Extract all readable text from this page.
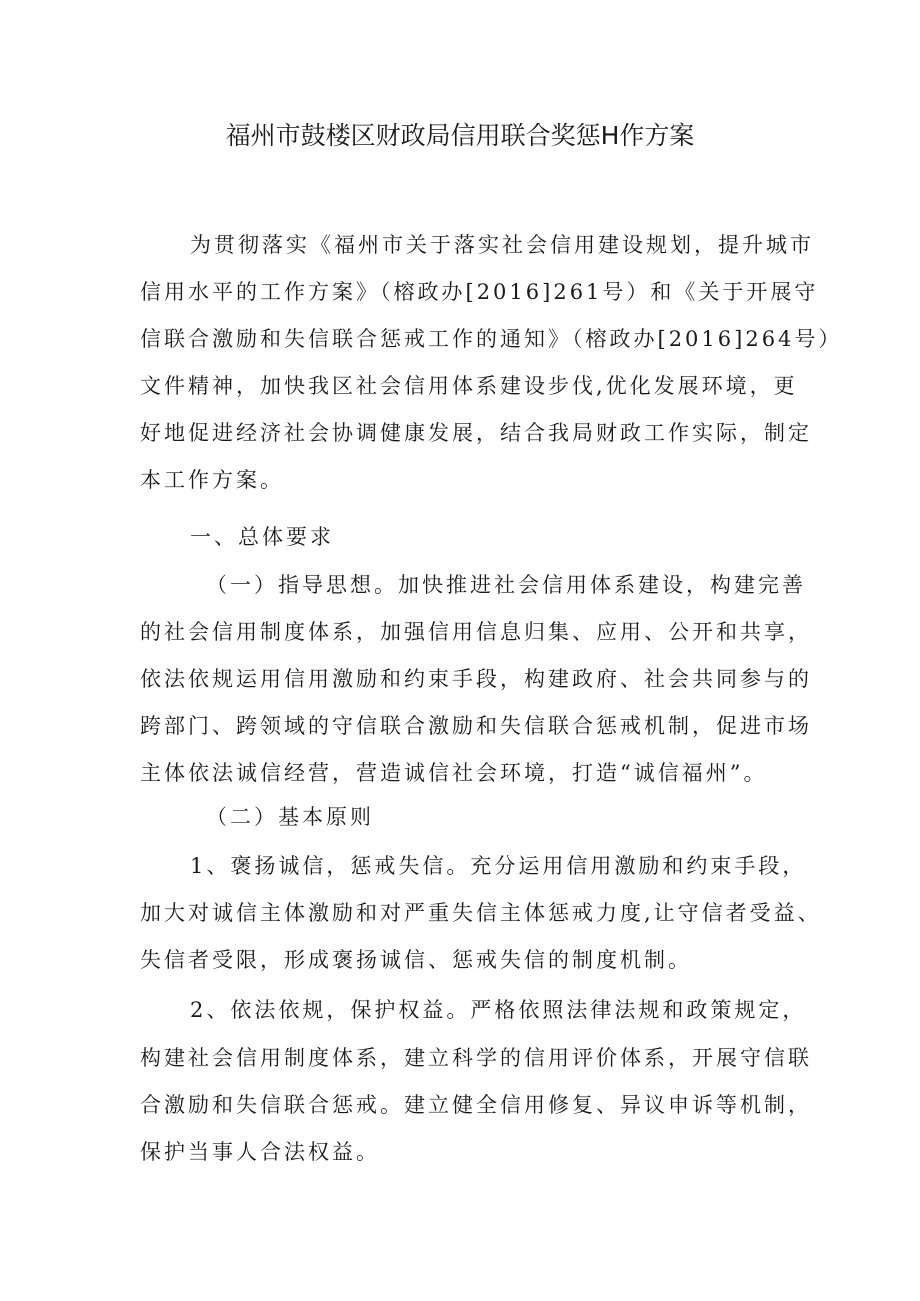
福州市鼓楼区财政局信用联合奖惩H作方案
为贯彻落实《福州市关于落实社会信用建设规划，提升城市
信用水平的工作方案》（榕政办[2016]261号）和《关于开展守
信联合激励和失信联合惩戒工作的通知》（榕政办[2016]264号）
文件精神，加快我区社会信用体系建设步伐,优化发展环境，更
好地促进经济社会协调健康发展，结合我局财政工作实际，制定
本工作方案。
一、总体要求
（一）指导思想。加快推进社会信用体系建设，构建完善
的社会信用制度体系，加强信用信息归集、应用、公开和共享，
依法依规运用信用激励和约束手段，构建政府、社会共同参与的
跨部门、跨领域的守信联合激励和失信联合惩戒机制，促进市场
主体依法诚信经营，营造诚信社会环境，打造“诚信福州”。
（二）基本原则
1、褒扬诚信，惩戒失信。充分运用信用激励和约束手段，
加大对诚信主体激励和对严重失信主体惩戒力度,让守信者受益、
失信者受限，形成褒扬诚信、惩戒失信的制度机制。
2、依法依规，保护权益。严格依照法律法规和政策规定，
构建社会信用制度体系，建立科学的信用评价体系，开展守信联
合激励和失信联合惩戒。建立健全信用修复、异议申诉等机制，
保护当事人合法权益。
